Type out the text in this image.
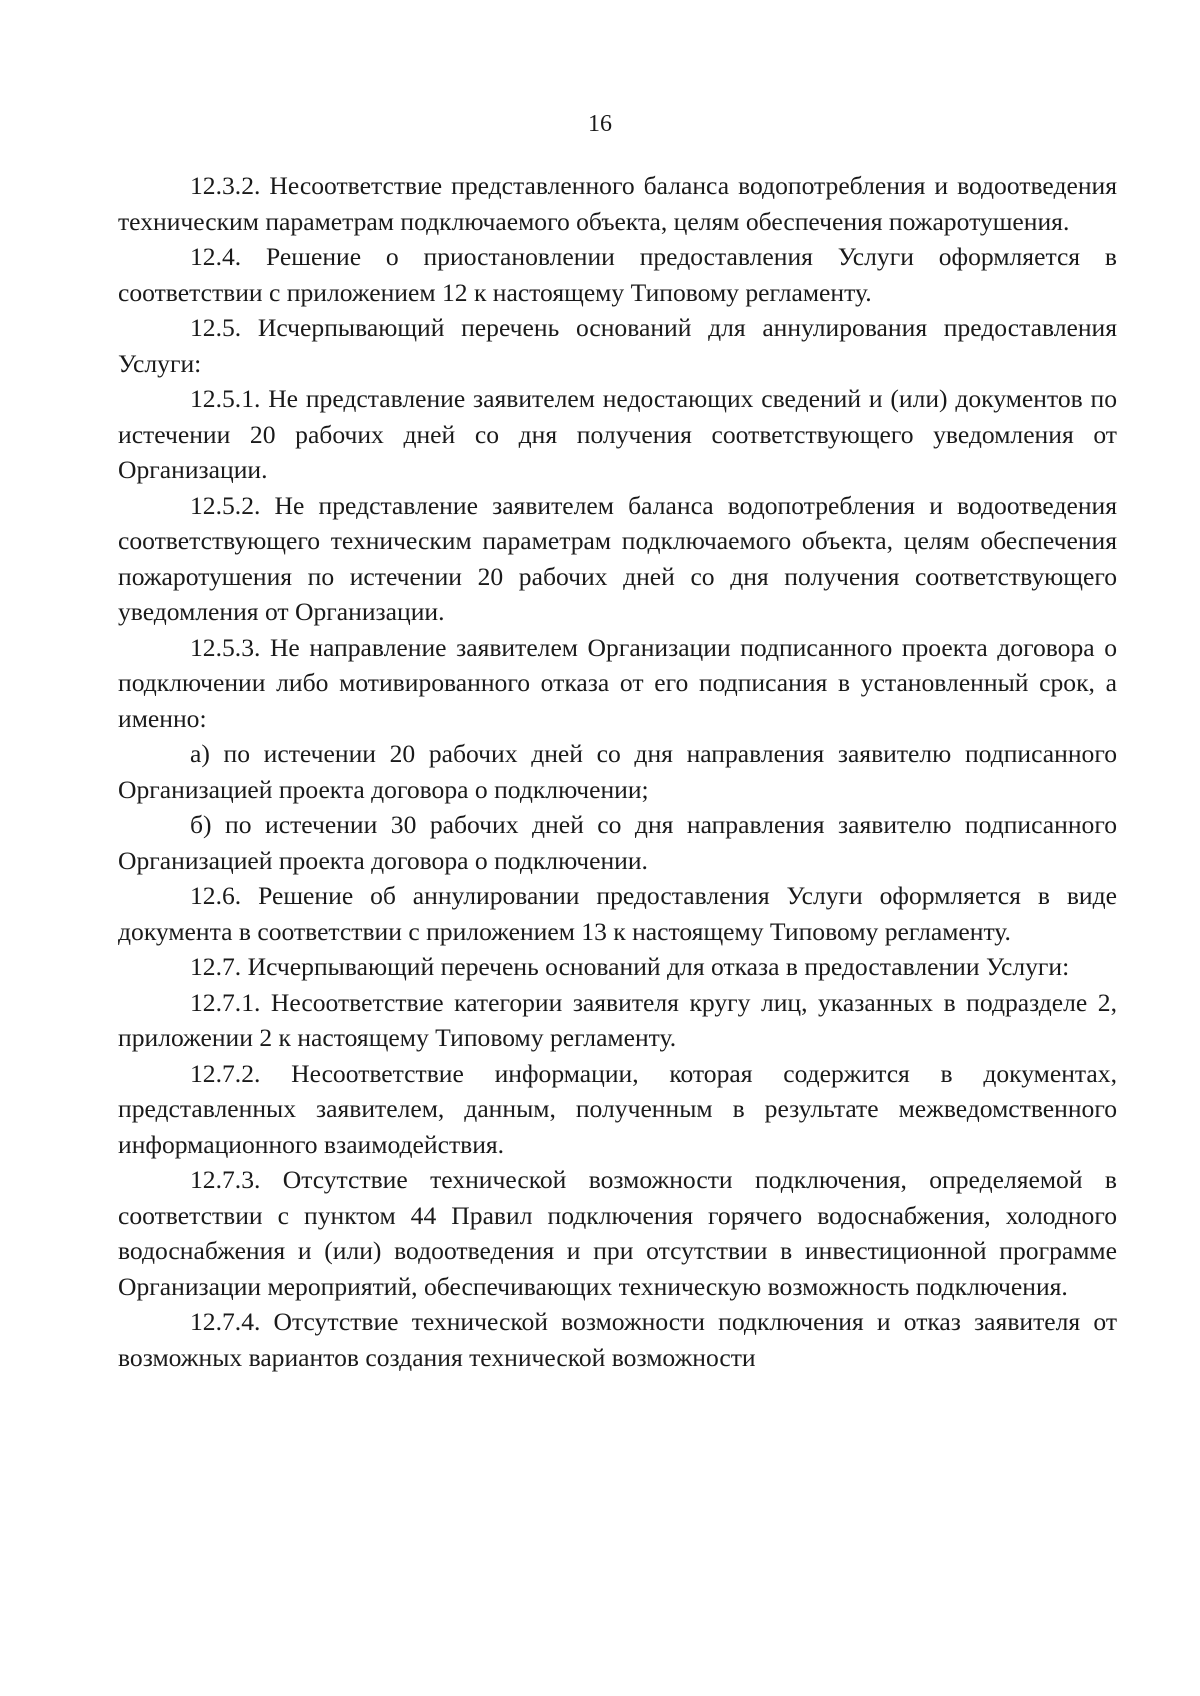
16

12.3.2. Несоответствие представленного баланса водопотребления и водоотведения техническим параметрам подключаемого объекта, целям обеспечения пожаротушения.

12.4. Решение о приостановлении предоставления Услуги оформляется в соответствии с приложением 12 к настоящему Типовому регламенту.

12.5. Исчерпывающий перечень оснований для аннулирования предоставления Услуги:

12.5.1. Не представление заявителем недостающих сведений и (или) документов по истечении 20 рабочих дней со дня получения соответствующего уведомления от Организации.

12.5.2. Не представление заявителем баланса водопотребления и водоотведения соответствующего техническим параметрам подключаемого объекта, целям обеспечения пожаротушения по истечении 20 рабочих дней со дня получения соответствующего уведомления от Организации.

12.5.3. Не направление заявителем Организации подписанного проекта договора о подключении либо мотивированного отказа от его подписания в установленный срок, а именно:

а) по истечении 20 рабочих дней со дня направления заявителю подписанного Организацией проекта договора о подключении;

б) по истечении 30 рабочих дней со дня направления заявителю подписанного Организацией проекта договора о подключении.

12.6. Решение об аннулировании предоставления Услуги оформляется в виде документа в соответствии с приложением 13 к настоящему Типовому регламенту.

12.7. Исчерпывающий перечень оснований для отказа в предоставлении Услуги:

12.7.1. Несоответствие категории заявителя кругу лиц, указанных в подразделе 2, приложении 2 к настоящему Типовому регламенту.

12.7.2. Несоответствие информации, которая содержится в документах, представленных заявителем, данным, полученным в результате межведомственного информационного взаимодействия.

12.7.3. Отсутствие технической возможности подключения, определяемой в соответствии с пунктом 44 Правил подключения горячего водоснабжения, холодного водоснабжения и (или) водоотведения и при отсутствии в инвестиционной программе Организации мероприятий, обеспечивающих техническую возможность подключения.

12.7.4. Отсутствие технической возможности подключения и отказ заявителя от возможных вариантов создания технической возможности
